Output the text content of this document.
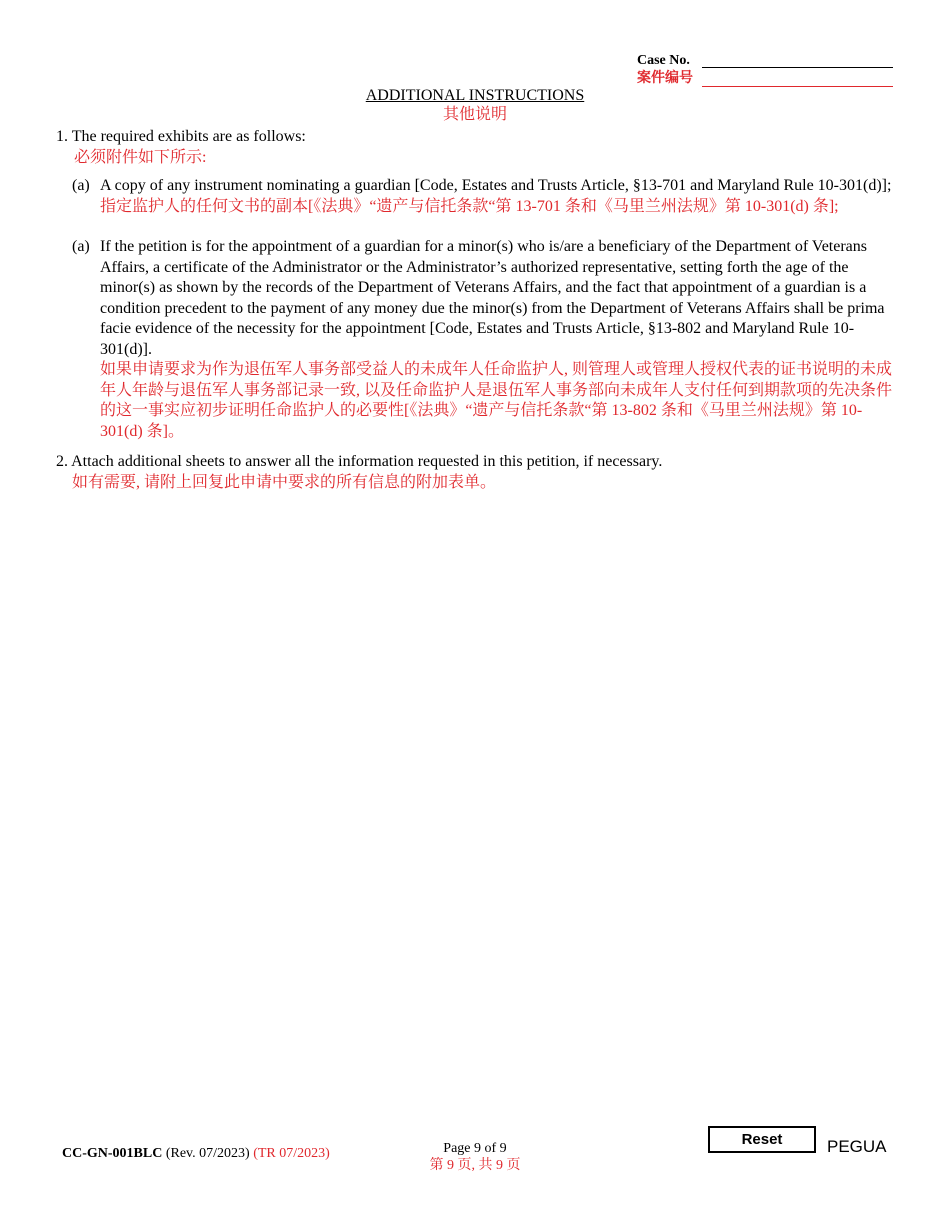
Case No.
案件编号
ADDITIONAL INSTRUCTIONS
其他说明
1. The required exhibits are as follows:
必须附件如下所示:
(a) A copy of any instrument nominating a guardian [Code, Estates and Trusts Article, §13-701 and Maryland Rule 10-301(d)];
指定监护人的任何文书的副本[《法典》“遗产与信托条款“第 13-701 条和《马里兰州法规》第 10-301(d) 条];
(a) If the petition is for the appointment of a guardian for a minor(s) who is/are a beneficiary of the Department of Veterans Affairs, a certificate of the Administrator or the Administrator’s authorized representative, setting forth the age of the minor(s) as shown by the records of the Department of Veterans Affairs, and the fact that appointment of a guardian is a condition precedent to the payment of any money due the minor(s) from the Department of Veterans Affairs shall be prima facie evidence of the necessity for the appointment [Code, Estates and Trusts Article, §13-802 and Maryland Rule 10-301(d)].
如果申请要求为作为退伍军人事务部受益人的未成年人任命监护人, 则管理人或管理人授权代表的证书说明的未成年人年龄与退伍军人事务部记录一致, 以及任命监护人是退伍军人事务部向未成年人支付任何到期款项的先决条件的这一事实应初步证明任命监护人的必要性[《法典》“遗产与信托条款“第 13-802 条和《马里兰州法规》第 10-301(d) 条]。
2. Attach additional sheets to answer all the information requested in this petition, if necessary.
如有需要, 请附上回复此申请中要求的所有信息的附加表单。
CC-GN-001BLC (Rev. 07/2023) (TR 07/2023)	Page 9 of 9
第 9 页, 共 9 页
Reset	PEGUA
